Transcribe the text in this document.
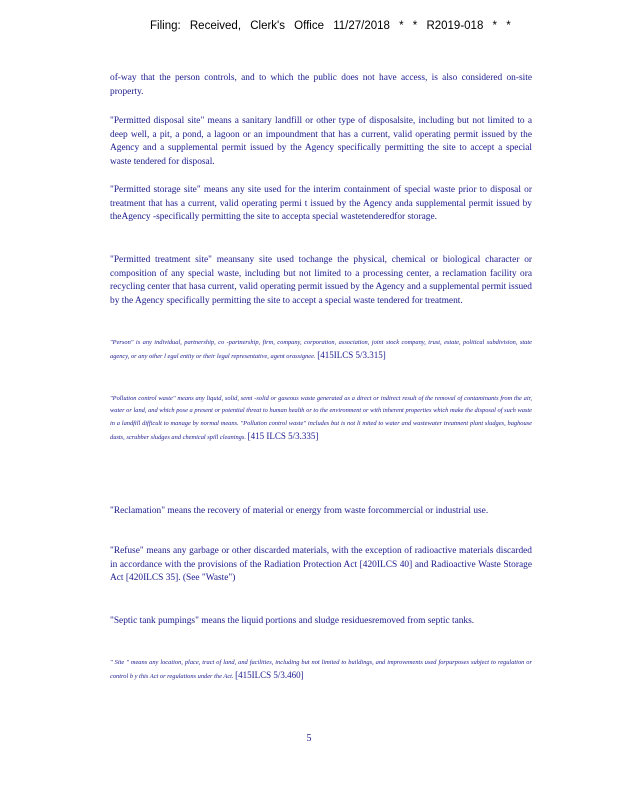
Filing: Received, Clerk's Office 11/27/2018 * * R2019-018 * *

of-way that the person controls, and to which the public does not have access, is also considered on-site property.

"Permitted disposal site" means a sanitary landfill or other type of disposalsite, including but not limited to a deep well, a pit, a pond, a lagoon or an impoundment that has a current, valid operating permit issued by the Agency and a supplemental permit issued by the Agency specifically permitting the site to accept a special waste tendered for disposal.

"Permitted storage site" means any site used for the interim containment of special waste prior to disposal or treatment that has a current, valid operating permi t issued by the Agency anda supplemental permit issued by theAgency -specifically permitting the site to accepta special wastetenderedfor storage.

"Permitted treatment site" meansany site used tochange the physical, chemical or biological character or composition of any special waste, including but not limited to a processing center, a reclamation facility ora recycling center that hasa current, valid operating permit issued by the Agency and a supplemental permit issued by the Agency specifically permitting the site to accept a special waste tendered for treatment.

"Person" is any individual, partnership, co -partnership, firm, company, corporation, association, joint stock company, trust, estate, political subdivision, state agency, or any other l egal entity or their legal representative, agent orassignee. [415ILCS 5/3.315]

"Pollution control waste" means any liquid, solid, semi -solid or gaseous waste generated as a direct or indirect result of the removal of contaminants from the air, water or land, and which pose a present or potential threat to human health or to the environment or with inherent properties which make the disposal of such waste in a landfill difficult to manage by normal means. "Pollution control waste" includes but is not li mited to water and wastewater treatment plant sludges, baghouse dusts, scrubber sludges and chemical spill cleanings. [415 ILCS 5/3.335]

"Reclamation" means the recovery of material or energy from waste forcommercial or industrial use.

"Refuse" means any garbage or other discarded materials, with the exception of radioactive materials discarded in accordance with the provisions of the Radiation Protection Act [420ILCS 40] and Radioactive Waste Storage Act [420ILCS 35]. (See "Waste")

"Septic tank pumpings" means the liquid portions and sludge residuesremoved from septic tanks.

" Site " means any location, place, tract of land, and facilities, including but not limited to buildings, and improvements used forpurposes subject to regulation or control b y this Act or regulations under the Act. [415ILCS 5/3.460]

5
